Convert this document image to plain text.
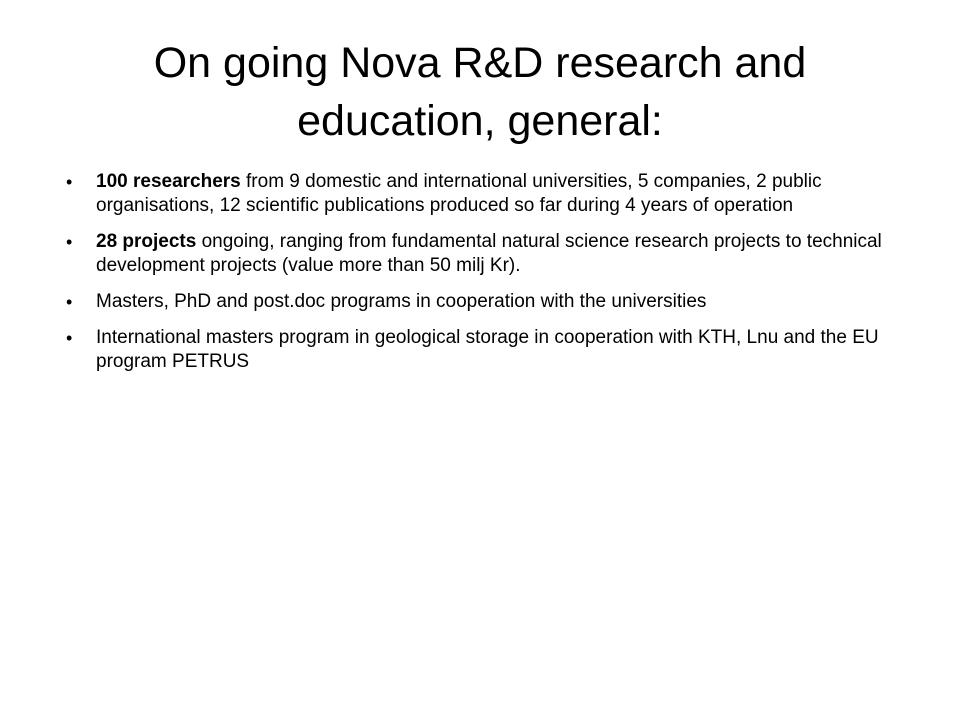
On going Nova R&D research and education, general:
• 100 researchers from 9 domestic and international universities, 5 companies, 2 public organisations, 12 scientific publications produced so far during 4 years of operation
• 28 projects ongoing, ranging from fundamental natural science research projects to technical development projects (value more than 50 milj Kr).
• Masters, PhD and post.doc programs in cooperation with the universities
• International masters program in geological storage in cooperation with KTH, Lnu and the EU program PETRUS
